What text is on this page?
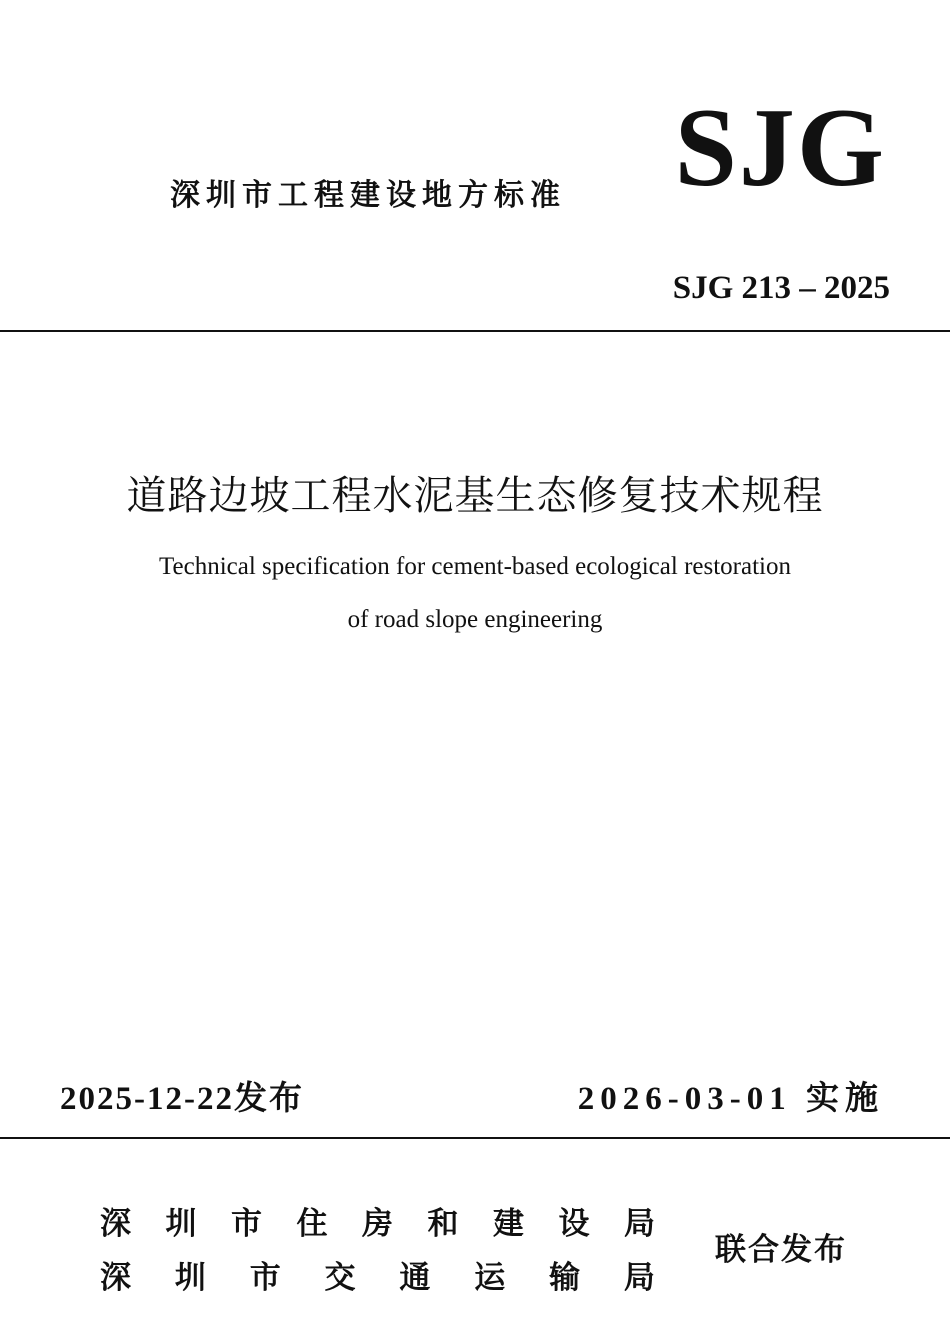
深圳市工程建设地方标准 SJG
SJG 213 – 2025
道路边坡工程水泥基生态修复技术规程
Technical specification for cement-based ecological restoration
of road slope engineering
2025-12-22发布	2026-03-01 实施
深 圳 市 住 房 和 建 设 局
深 圳 市 交 通 运 输 局
联合发布
